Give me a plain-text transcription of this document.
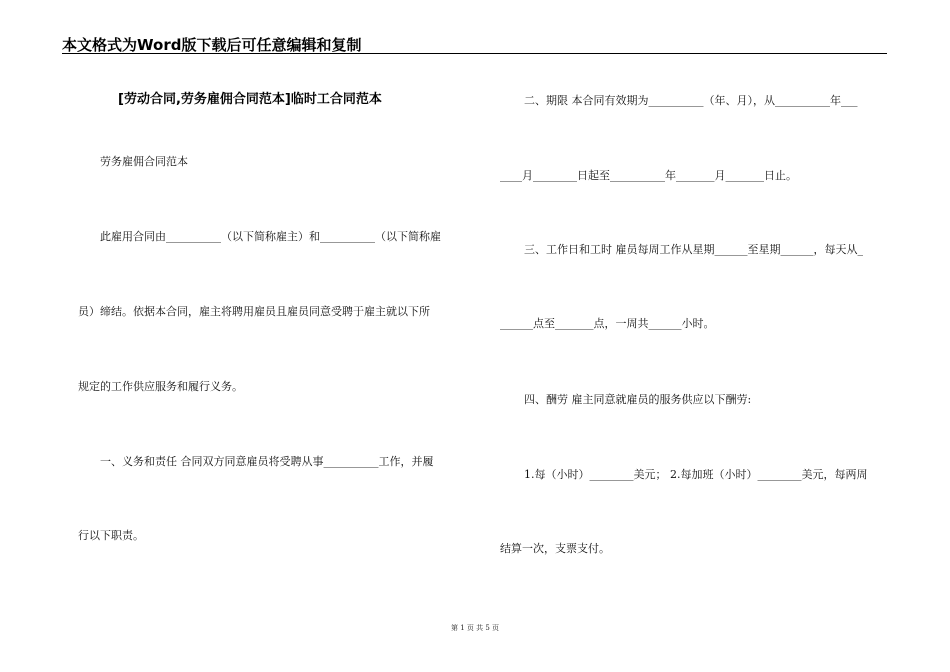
本文格式为Word版下载后可任意编辑和复制
[劳动合同,劳务雇佣合同范本]临时工合同范本
劳务雇佣合同范本
此雇用合同由__________（以下简称雇主）和__________（以下简称雇
员）缔结。依据本合同，雇主将聘用雇员且雇员同意受聘于雇主就以下所
规定的工作供应服务和履行义务。
一、义务和责任 合同双方同意雇员将受聘从事__________工作，并履
行以下职责。
二、期限 本合同有效期为__________（年、月），从__________年___
____月________日起至__________年_______月_______日止。
三、工作日和工时 雇员每周工作从星期______至星期______，每天从_
______点至_______点，一周共______小时。
四、酬劳 雇主同意就雇员的服务供应以下酬劳:
1.每（小时）________美元； 2.每加班（小时）________美元，每两周
结算一次，支票支付。
第 1 页 共 5 页
